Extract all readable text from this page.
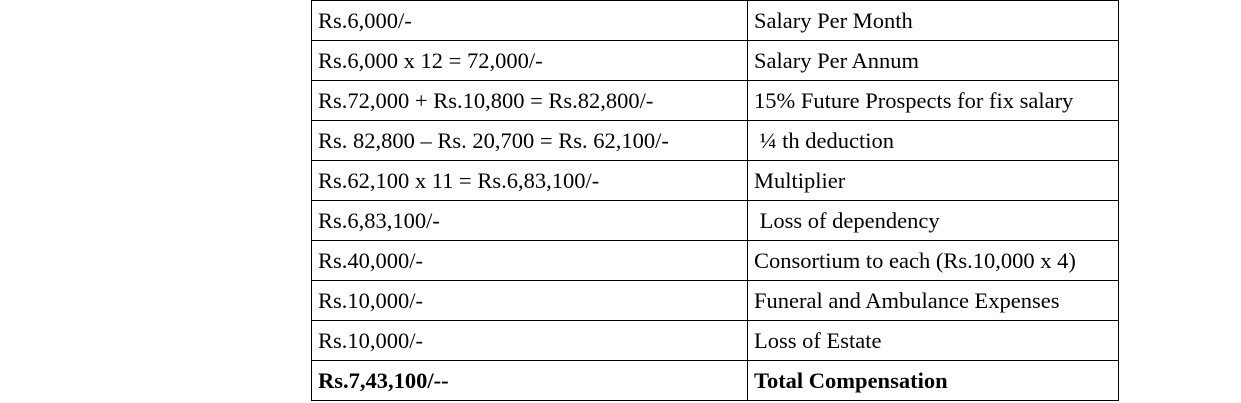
Rs.6,000/-	Salary Per Month
Rs.6,000 x 12 = 72,000/-	Salary Per Annum
Rs.72,000 + Rs.10,800 = Rs.82,800/-	15% Future Prospects for fix salary
Rs. 82,800 – Rs. 20,700 = Rs. 62,100/-	¼ th deduction
Rs.62,100 x 11 = Rs.6,83,100/-	Multiplier
Rs.6,83,100/-	Loss of dependency
Rs.40,000/-	Consortium to each (Rs.10,000 x 4)
Rs.10,000/-	Funeral and Ambulance Expenses
Rs.10,000/-	Loss of Estate
Rs.7,43,100/--	Total Compensation
